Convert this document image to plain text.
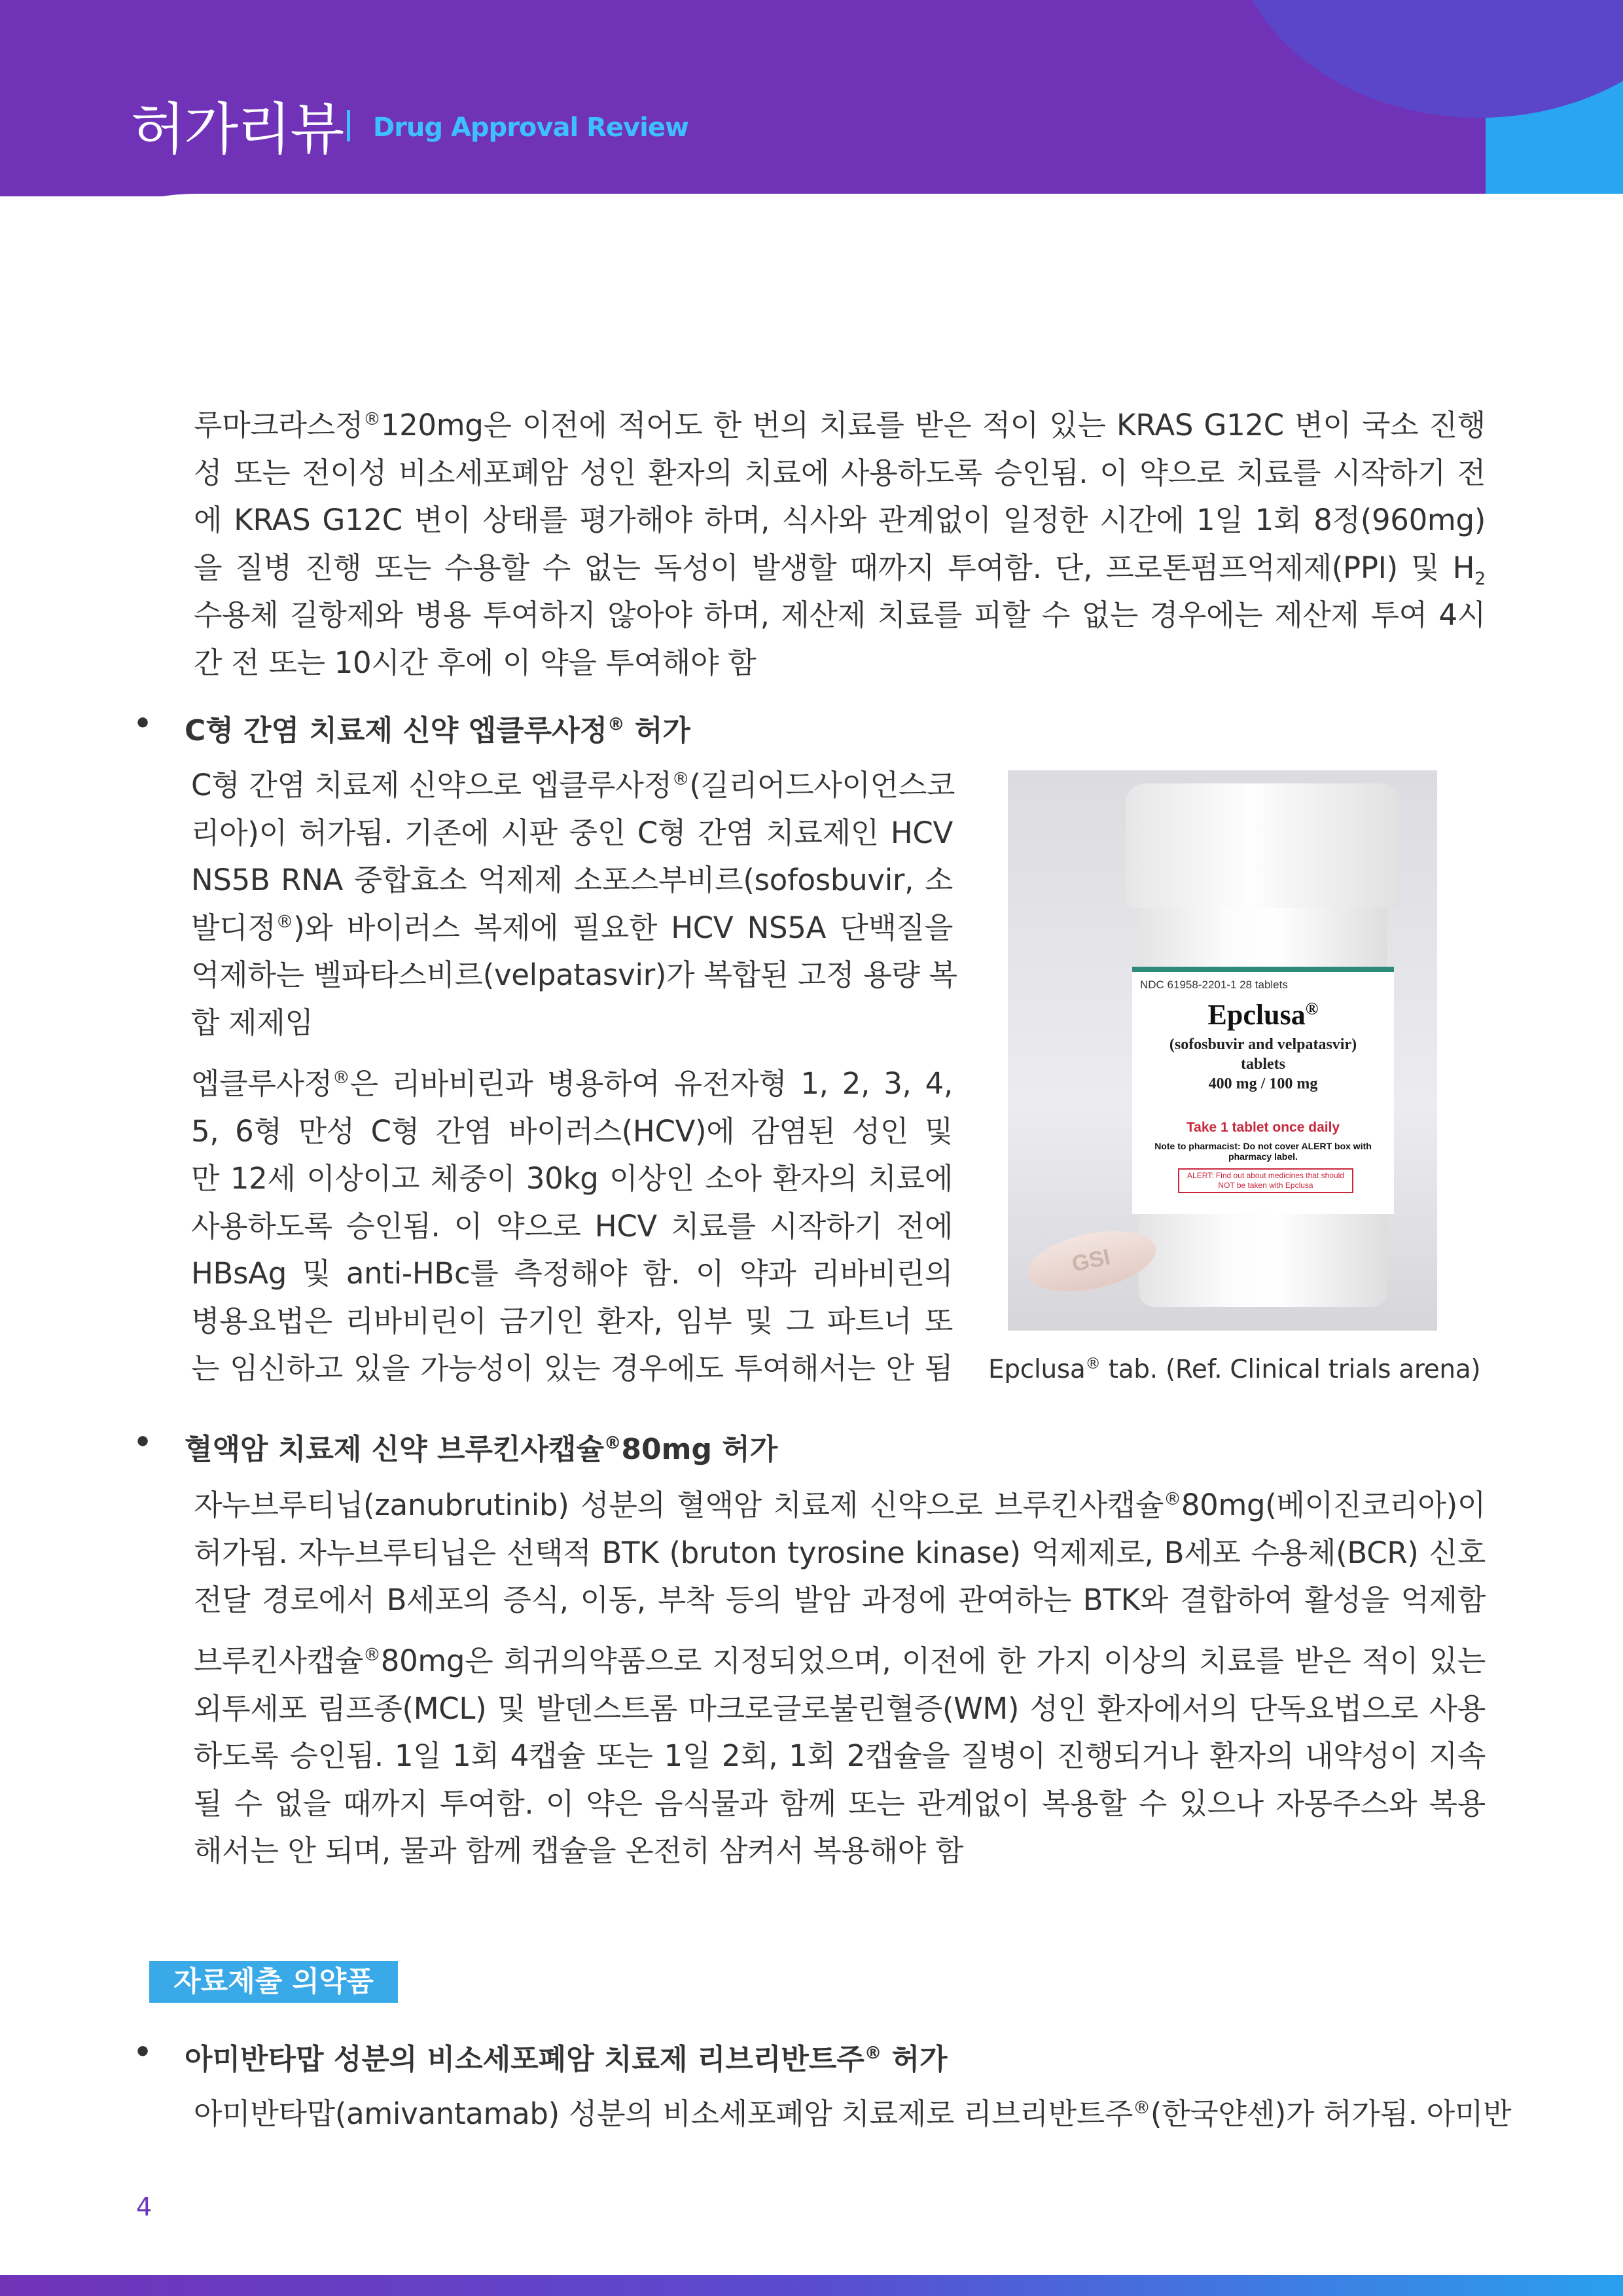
허가리뷰 Drug Approval Review
루마크라스정®120mg은 이전에 적어도 한 번의 치료를 받은 적이 있는 KRAS G12C 변이 국소 진행
성 또는 전이성 비소세포폐암 성인 환자의 치료에 사용하도록 승인됨. 이 약으로 치료를 시작하기 전
에 KRAS G12C 변이 상태를 평가해야 하며, 식사와 관계없이 일정한 시간에 1일 1회 8정(960mg)
을 질병 진행 또는 수용할 수 없는 독성이 발생할 때까지 투여함. 단, 프로톤펌프억제제(PPI) 및 $H_2$
수용체 길항제와 병용 투여하지 않아야 하며, 제산제 치료를 피할 수 없는 경우에는 제산제 투여 4시
간 전 또는 10시간 후에 이 약을 투여해야 함
• C형 간염 치료제 신약 엡클루사정® 허가
C형 간염 치료제 신약으로 엡클루사정®(길리어드사이언스코
리아)이 허가됨. 기존에 시판 중인 C형 간염 치료제인 HCV
NS5B RNA 중합효소 억제제 소포스부비르(sofosbuvir, 소
발디정®)와 바이러스 복제에 필요한 HCV NS5A 단백질을
억제하는 벨파타스비르(velpatasvir)가 복합된 고정 용량 복
합 제제임
엡클루사정®은 리바비린과 병용하여 유전자형 1, 2, 3, 4,
5, 6형 만성 C형 간염 바이러스(HCV)에 감염된 성인 및
만 12세 이상이고 체중이 30kg 이상인 소아 환자의 치료에
사용하도록 승인됨. 이 약으로 HCV 치료를 시작하기 전에
HBsAg 및 anti-HBc를 측정해야 함. 이 약과 리바비린의
병용요법은 리바비린이 금기인 환자, 임부 및 그 파트너 또
는 임신하고 있을 가능성이 있는 경우에도 투여해서는 안 됨
NDC 61958-2201-1 28 tablets
Epclusa®
(sofosbuvir and velpatasvir)
tablets
400 mg / 100 mg
Take 1 tablet once daily
Note to pharmacist: Do not cover ALERT box with pharmacy label.
ALERT: Find out about medicines that should NOT be taken with Epclusa
GSI
Epclusa® tab. (Ref. Clinical trials arena)
• 혈액암 치료제 신약 브루킨사캡슐®80mg 허가
자누브루티닙(zanubrutinib) 성분의 혈액암 치료제 신약으로 브루킨사캡슐®80mg(베이진코리아)이
허가됨. 자누브루티닙은 선택적 BTK (bruton tyrosine kinase) 억제제로, B세포 수용체(BCR) 신호
전달 경로에서 B세포의 증식, 이동, 부착 등의 발암 과정에 관여하는 BTK와 결합하여 활성을 억제함
브루킨사캡슐®80mg은 희귀의약품으로 지정되었으며, 이전에 한 가지 이상의 치료를 받은 적이 있는
외투세포 림프종(MCL) 및 발덴스트롬 마크로글로불린혈증(WM) 성인 환자에서의 단독요법으로 사용
하도록 승인됨. 1일 1회 4캡슐 또는 1일 2회, 1회 2캡슐을 질병이 진행되거나 환자의 내약성이 지속
될 수 없을 때까지 투여함. 이 약은 음식물과 함께 또는 관계없이 복용할 수 있으나 자몽주스와 복용
해서는 안 되며, 물과 함께 캡슐을 온전히 삼켜서 복용해야 함
자료제출 의약품
• 아미반타맙 성분의 비소세포폐암 치료제 리브리반트주® 허가
아미반타맙(amivantamab) 성분의 비소세포폐암 치료제로 리브리반트주®(한국얀센)가 허가됨. 아미반
4
